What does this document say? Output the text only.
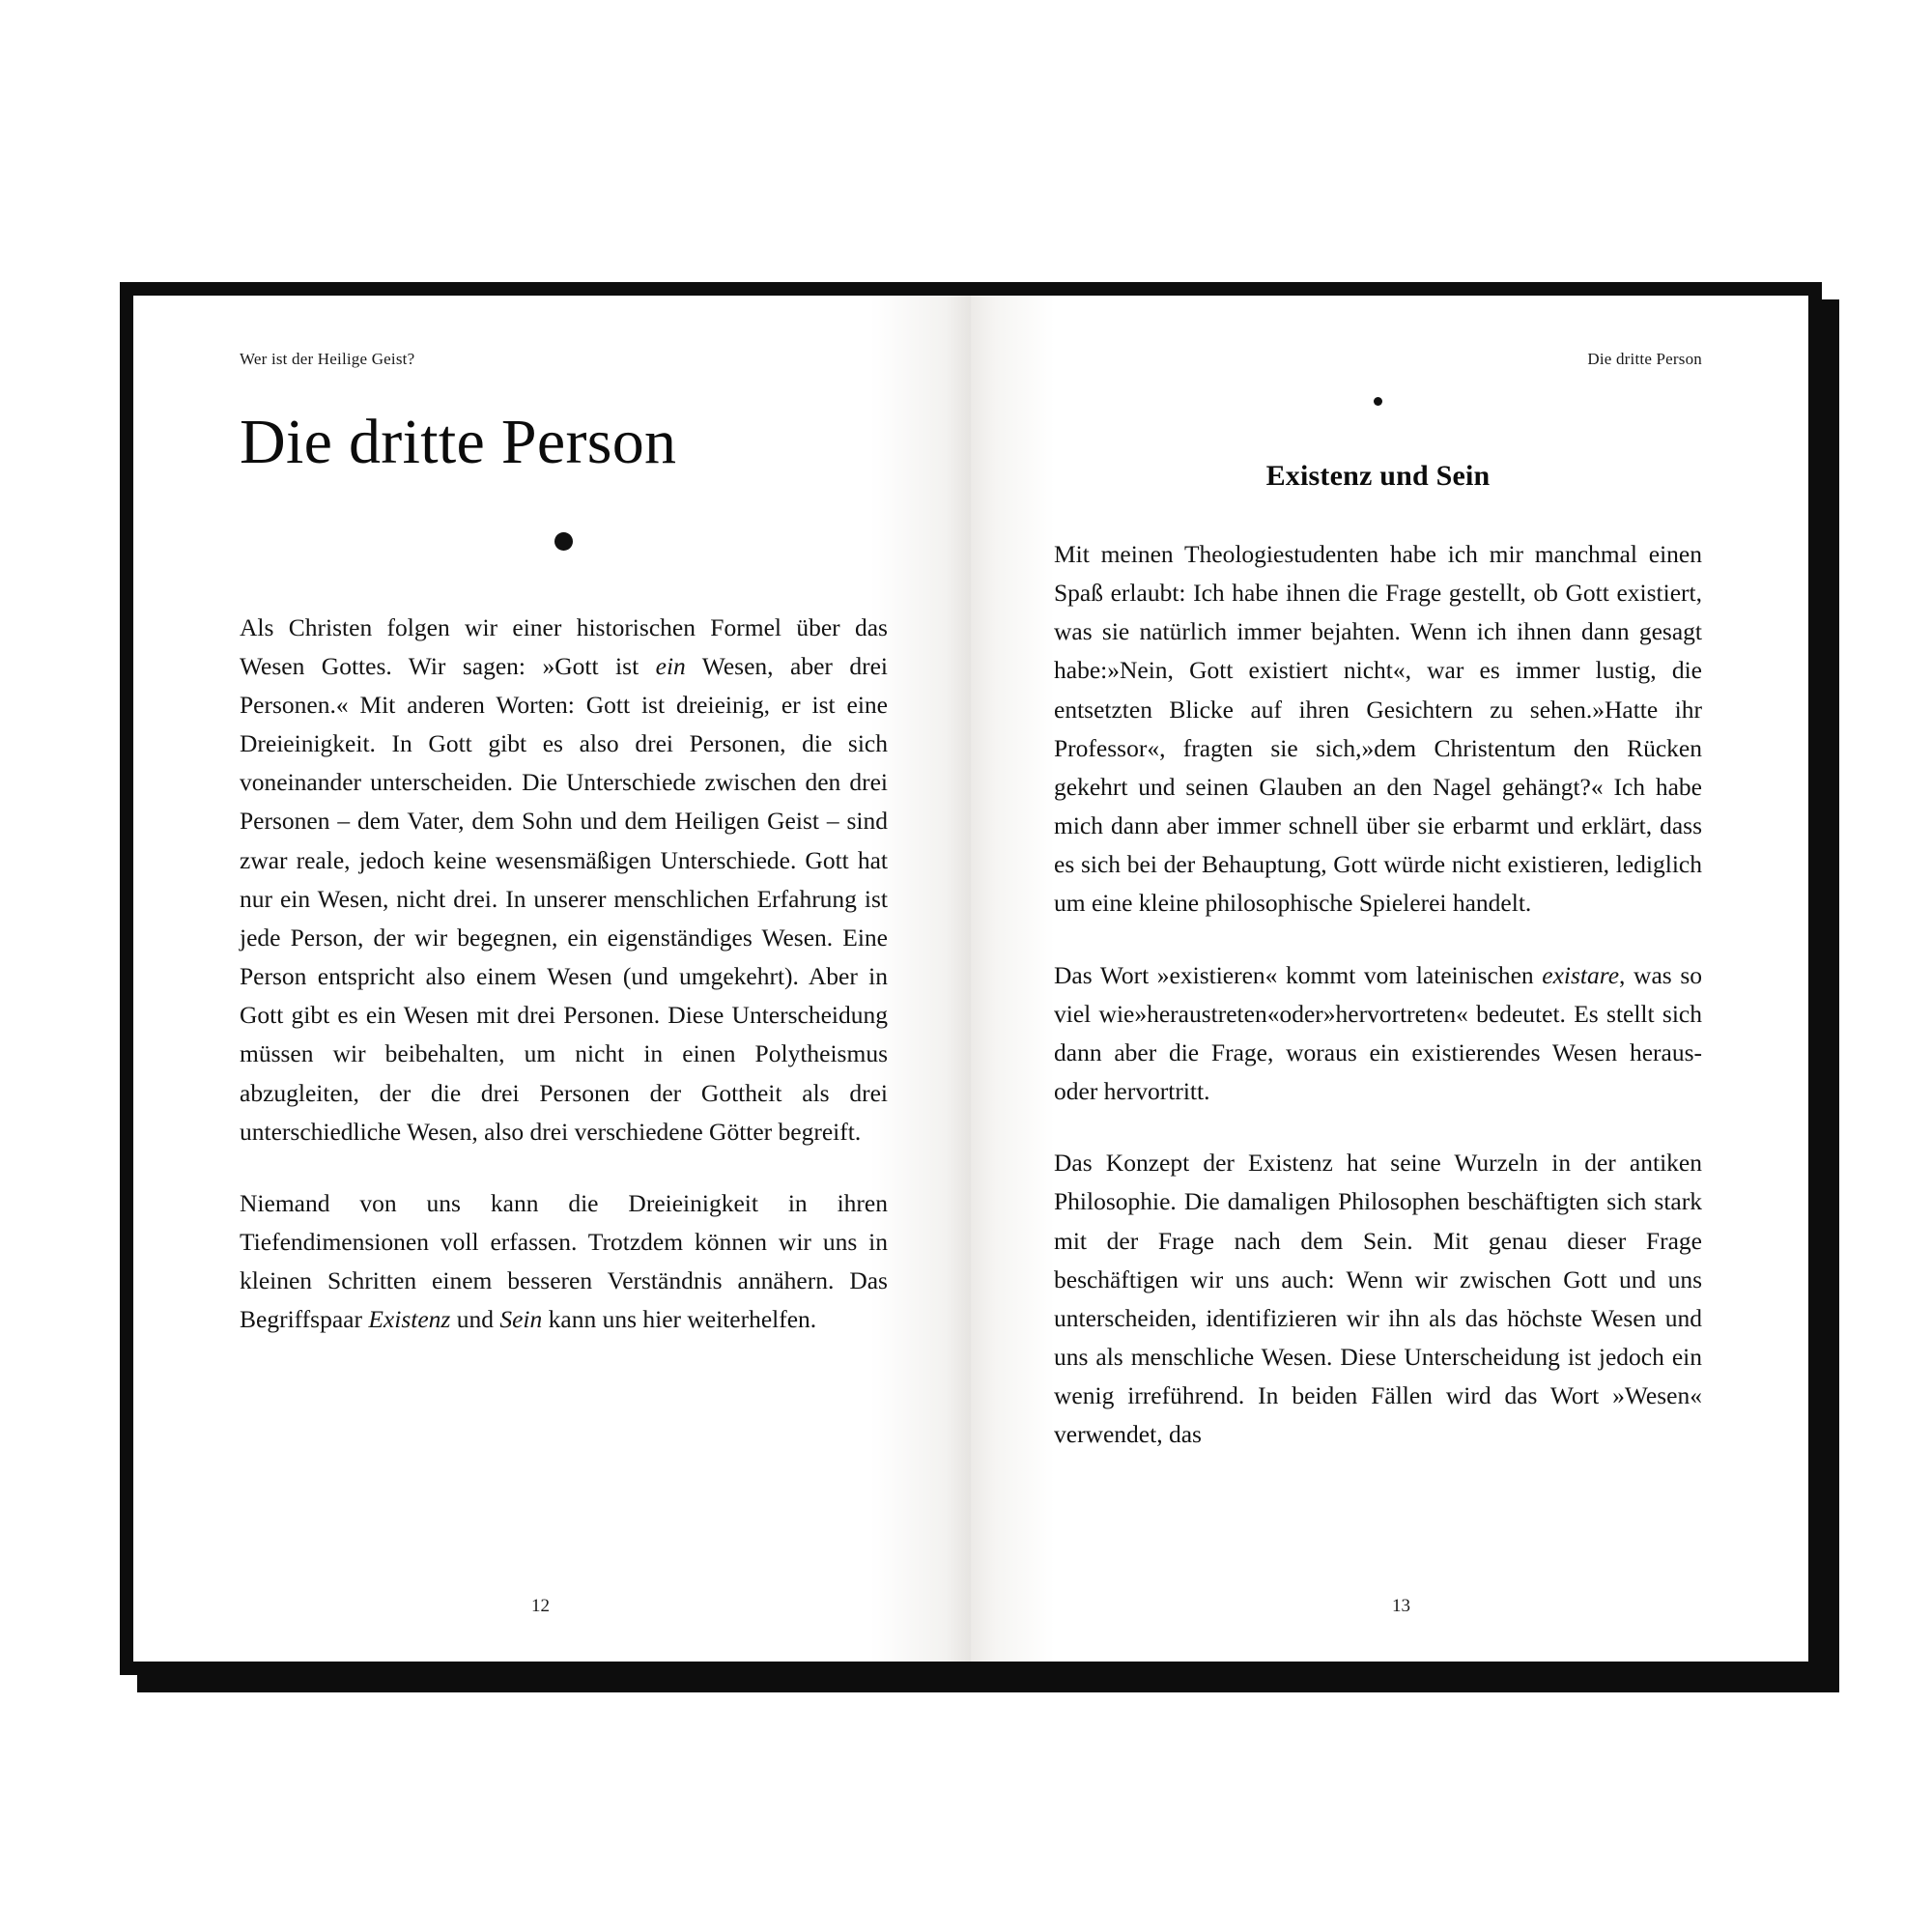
Wer ist der Heilige Geist?
Die dritte Person

Als Christen folgen wir einer historischen Formel über das Wesen Gottes. Wir sagen: »Gott ist ein Wesen, aber drei Personen.« Mit anderen Worten: Gott ist dreieinig, er ist eine Dreieinigkeit. In Gott gibt es also drei Personen, die sich voneinander unterscheiden. Die Unterschiede zwischen den drei Personen – dem Vater, dem Sohn und dem Heiligen Geist – sind zwar reale, jedoch keine wesensmäßigen Unterschiede. Gott hat nur ein Wesen, nicht drei. In unserer menschlichen Erfahrung ist jede Person, der wir begegnen, ein eigenständiges Wesen. Eine Person entspricht also einem Wesen (und umgekehrt). Aber in Gott gibt es ein Wesen mit drei Personen. Diese Unterscheidung müssen wir beibehalten, um nicht in einen Polytheismus abzugleiten, der die drei Personen der Gottheit als drei unterschiedliche Wesen, also drei verschiedene Götter begreift.

Niemand von uns kann die Dreieinigkeit in ihren Tiefendimensionen voll erfassen. Trotzdem können wir uns in kleinen Schritten einem besseren Verständnis annähern. Das Begriffspaar Existenz und Sein kann uns hier weiterhelfen.

12
Die dritte Person
Existenz und Sein

Mit meinen Theologiestudenten habe ich mir manchmal einen Spaß erlaubt: Ich habe ihnen die Frage gestellt, ob Gott existiert, was sie natürlich immer bejahten. Wenn ich ihnen dann gesagt habe:»Nein, Gott existiert nicht«, war es immer lustig, die entsetzten Blicke auf ihren Gesichtern zu sehen.»Hatte ihr Professor«, fragten sie sich,»dem Christentum den Rücken gekehrt und seinen Glauben an den Nagel gehängt?« Ich habe mich dann aber immer schnell über sie erbarmt und erklärt, dass es sich bei der Behauptung, Gott würde nicht existieren, lediglich um eine kleine philosophische Spielerei handelt.

Das Wort »existieren« kommt vom lateinischen existare, was so viel wie»heraustreten«oder»hervortreten« bedeutet. Es stellt sich dann aber die Frage, woraus ein existierendes Wesen heraus- oder hervortritt.

Das Konzept der Existenz hat seine Wurzeln in der antiken Philosophie. Die damaligen Philosophen beschäftigten sich stark mit der Frage nach dem Sein. Mit genau dieser Frage beschäftigen wir uns auch: Wenn wir zwischen Gott und uns unterscheiden, identifizieren wir ihn als das höchste Wesen und uns als menschliche Wesen. Diese Unterscheidung ist jedoch ein wenig irreführend. In beiden Fällen wird das Wort »Wesen« verwendet, das

13
